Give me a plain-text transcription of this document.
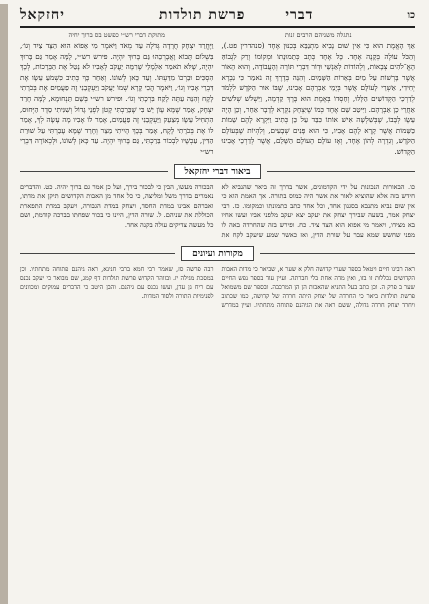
כו
דברי
פרשת תולדות
יחזקאל
נתגלה משניהם הרבים זנות
אַךְ הָאֱמֶת הוּא כִּי אִין שׁוּם נָבִיא מִתְנַבֵּא בְּכִנּוּן אֶחָד (סנהדרין פט.), וְהַכֹּל עוֹלֶה בְּקָנֶה אֶחָד. כָּל אֶחָד כְּתָב כְּתַמוּנָתוֹ וּמְקוֹמוֹ וְרַק לִגְבוֹהַּ הָאֱ־לֹהִים צְבָאוֹת, וְלְהוֹדוֹת לְאַנְשֵׁי וּדְוֹר דִּבְרֵי תּוֹרָה וְהָעֲבוֹדָה, וְהוּא הָאוֹר אֲשֶׁר בָּרְשׁוֹת עַל מַיִם בְּאֵרוֹת הַשָּׁמַיִם. וְהִנֵּה בְּדֶרֶךְ זֶה נֹאמַר כִּי נִבְרָא יְחִידִי, אַשְׁרֵי לָעוֹלָם אֲשֶׁר בְּיָמֵי אַבְרָהָם אָבִינוּ, שֶׁבּוֹ אוּר הַקֹּדֶשׁ לִלְמֹד לְדַרְכֵי הַקְּדוֹשִׁים הַלָּלוּ, וְחַסְדוֹ בְּאֶמֶת הוּא בֶּרֶךְ קַדְמָה, וַיִּשְׁלֹשׁ שְׁלֹשִׁים אַחֲרֵי כֵן אַבְרָהָם. וַיִּיטַב שֵׁם אֶחָד כְּמוֹ שֶׁיִּצְחָק נִקְרָא לְדָבָר אַחֵר, וְכֵן הָיָה עֵשָׂו לְבָּבוֹ, שֶׁבְּשִׁלְשָׁה אִישׁ אוֹתוֹ כִּבֵּד עַל כֵּן כְּתִיב וַיִּקְרָא לָהֶם שֵׁמוֹת כַּשֵּׁמוֹת אֲשֶׁר קָרָא לָהֶם אָבִיו, כִּי הוּא פָּנִים שְׁבָעִים, וְלִהְיוֹת שֶׁבְּעוֹלָם הַקֹּדֶשׁ, וְגִדְרָה לְהוֹן אֶחָד, וְאָז עוֹלָם הָעוֹלָם הַשָּׁלֵם, אֲשֶׁר לְדַרְכֵי אָבִינוּ הַקָּדוֹשׁ.
מתוקת דברי רש״י כפשט בס ברוך יחיה
וַיֶּחֱרַד יִצְחָק חֲרָדָה גְּדֹלָה עַד מְאֹד וַיֹּאמֶר מִי אֵפוֹא הוּא הַצָּד צַיִד וְגוֹ׳, בִּשְׁלוֹם תָּבוֹא וָאֲבָרְכֵהוּ גַּם בָּרוּךְ יִהְיֶה. פירש רש״י, לָמָּה אָמַר גַּם בָּרוּךְ יִהְיֶה, שֶׁלֹּא תֹאמַר אִלְמָלֵי שֶׁרִמָּה יַעֲקֹב לְאָבִיו לֹא נָטַל אֶת הַבְּרָכוֹת, לְכָךְ הִסְכִּים וּבֵרְכוֹ מִדַּעְתּוֹ. וְעַד כָּאן לְשׁוֹנוֹ. וְאַחַר כָּךְ כְּתִיב כִּשְׁמֹעַ עֵשָׂו אֶת דִּבְרֵי אָבִיו וְגוֹ׳, וַיֹּאמֶר הֲכִי קָרָא שְׁמוֹ יַעֲקֹב וַיַּעְקְבֵנִי זֶה פַעֲמַיִם אֶת בְּכֹרָתִי לָקָח וְהִנֵּה עַתָּה לָקַח בִּרְכָתִי וְגוֹ׳. וּפירש רש״י בְּשֵׁם תַּנְחוּמָא, לָמָּה חָרַד יִצְחָק, אָמַר שֶׁמָּא עָוֹן יֵשׁ בִּי שֶׁבֵּרַכְתִּי קָטֹן לִפְנֵי גָדוֹל וְשִׁנִּיתִי סֵדֶר הַיְּחוּס, הִתְחִיל עֵשָׂו מְצַעֵק וַיַּעְקְבֵנִי זֶה פַעֲמַיִם, אָמַר לוֹ אָבִיו מָה עָשָׂה לְךָ, אָמַר לוֹ אֶת בְּכֹרָתִי לָקָח, אָמַר בְּכָךְ הָיִיתִי מֵצֵר וְחָרֵד שֶׁמָּא עָבַרְתִּי עַל שׁוּרַת הַדִּין, עַכְשָׁיו לִבְכוֹר בֵּרַכְתִּי, גַּם בָּרוּךְ יִהְיֶה. עַד כָּאן לְשׁוֹנוֹ, וּלְכְאוֹרָה דִּבְרֵי רש״י
ביאור דברי יחזקאל
כו. הבאורות הנכונות על ידי הקדמונים, אשר בדרך זה ביאר שהנביא לא חידש בזה אלא שהוציא לאור את אשר היה כמוס בתורה. אך האמת הוא כי אין שום נביא מתנבא בסגנון אחד, וכל אחד כתב כתמונתו וכמקומו. כז. רבי יצחק אמר, בשעה שבירך יצחק את יעקב יצא יעקב מלפני אביו ועשו אחיו בא מצידו, ויאמר מי אפוא הוא הצד ציד. כח. ופירש בזה שהחרדה באה לו מפני שחשש שמא עבר על שורת הדין, ואז כאשר שמע שיעקב לקח את הבכורה מעשו, הבין כי לבכור בירך, ועל כן אמר גם ברוך יהיה. כט. והדברים נאמרים בדרך משל ומליצה, כי כל אחד מן האבות הקדושים תיקן את מדתו, ואברהם אבינו במדת החסד, ויצחק במדת הגבורה, ויעקב במדת התפארת הכוללת את שניהם. ל. שורה הדין, היינו כי בכור שפחתו בברכה קודמת, ושם כל מעשה צדיקים עולה בקנה אחד.
מקורות ועיונים
ראה רבינו חיים ויטאל בספר שערי קדושה חלק א שער א, שביאר כי מדות האבות הקדושים נכללות זו בזו, ואין מדה אחת בלי חברתה. ועיין עוד בספר נפש החיים שער ב פרק ה. וכן כתב בעל התניא שהאבות הן הן המרכבה. ובספר שם משמואל פרשת תולדות ביאר כי החרדה של יצחק היתה חרדה של קדושה, כמו שכתוב ויחרד יצחק חרדה גדולה, ששם ראה את הגיהנם פתוחה מתחתיו. ועיין במדרש רבה פרשה סז, שאמר רבי חמא ברבי חנינא, ראה גיהנם פתוחה מתחתיו. וכן במסכת מגילה יז. ובזוהר הקדוש פרשת תולדות דף קמג, שם מבואר כי יעקב נכנס עם ריח גן עדן, ועשו נכנס עם גיהנם. והבן היטב כי הדברים עמוקים ומכוונים לפנימיות התורה ולסוד המדות.
